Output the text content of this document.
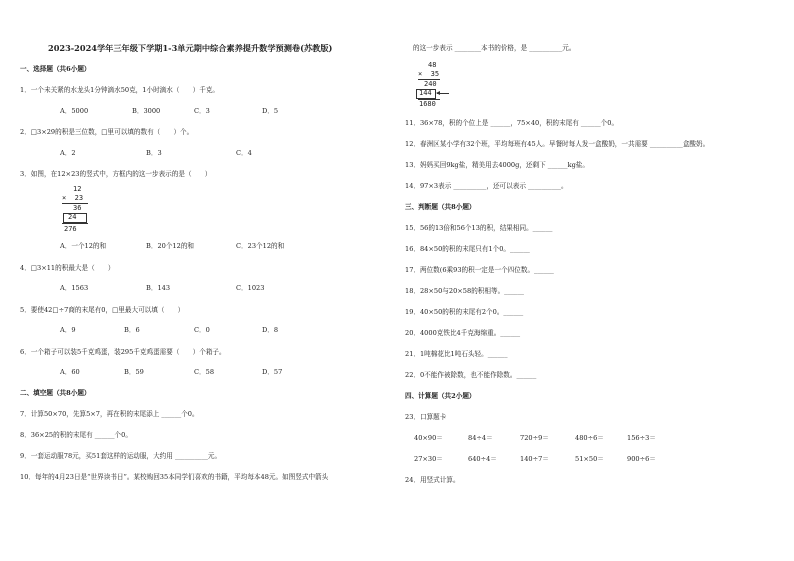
2023-2024学年三年级下学期1-3单元期中综合素养提升数学预测卷(苏教版)
一、选择题（共6小题）
1．一个未关紧的水龙头1分钟滴水50克，1小时滴水（　　）千克。
A．5000	B．3000	C．3	D．5
2．□3×29的积是三位数，□里可以填的数有（　　）个。
A．2	B．3	C．4
3．如图，在12×23的竖式中，方框内的这一步表示的是（　　）
12
×  23
36
24
276
A．一个12的和	B．20个12的和	C．23个12的和
4．□3×11的积最大是（　　）
A．1563	B．143	C．1023
5．要使42□÷7商的末尾有0，□里最大可以填（　　）
A．9	B．6	C．0	D．8
6．一个箱子可以装5千克鸡蛋，装295千克鸡蛋需要（　　）个箱子。
A．60	B．59	C．58	D．57
二、填空题（共8小题）
7．计算50×70，先算5×7，再在积的末尾添上 ______个0。
8．36×25的积的末尾有 ______个0。
9．一套运动服78元，买51套这样的运动服，大约用 __________元。
10．每年的4月23日是“世界读书日”。某校购回35本同学们喜欢的书籍，平均每本48元。如图竖式中箭头
的这一步表示 ________本书的价格，是 __________元。
48
×  35
240
144
1680
11．36×78，积的个位上是 ______，75×40，积的末尾有 ______个0。
12．春洲区某小学有32个班，平均每班有45人。早餐时每人发一盒酸奶，一共需要 __________盒酸奶。
13．妈妈买回9kg盐，精美用去4000g，还剩下 ______kg盐。
14．97×3表示 __________，还可以表示 __________。
三、判断题（共8小题）
15．56的13倍和56个13的积，结果相同。______
16．84×50的积的末尾只有1个0。______
17．两位数(6乘93的积一定是一个四位数。______
18．28×50与20×58的积相等。______
19．40×50的积的末尾有2个0。______
20．4000克铁比4千克海绵重。______
21．1吨棉花比1吨石头轻。______
22．0不能作被除数，也不能作除数。______
四、计算题（共2小题）
23．口算题卡
40×90＝	84÷4＝	720÷9＝	480÷6＝	156÷3＝
27×30＝	640÷4＝	140÷7＝	51×50＝	900÷6＝
24．用竖式计算。
